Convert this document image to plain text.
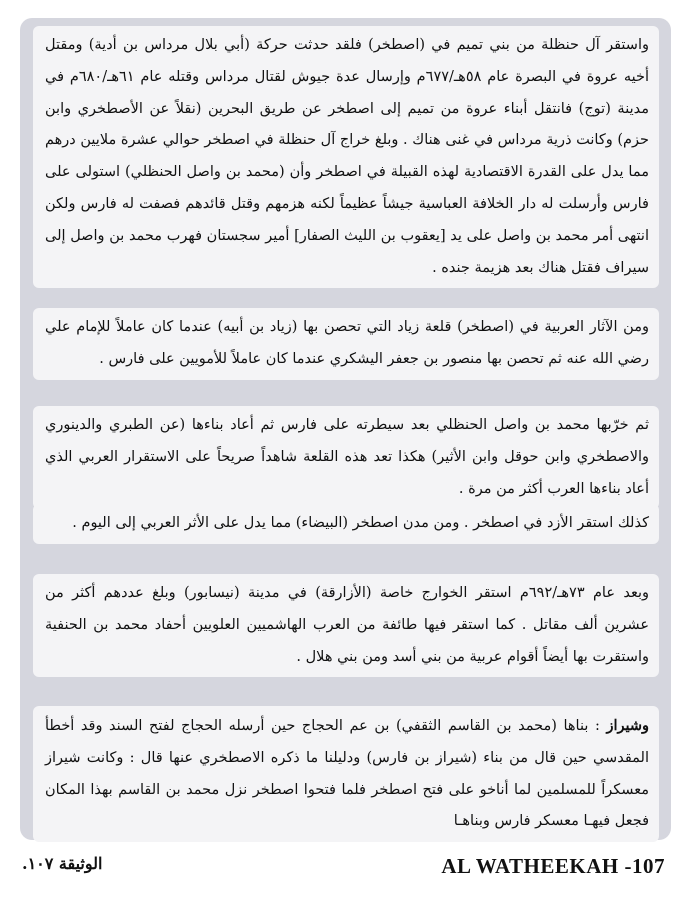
واستقر آل حنظلة من بني تميم في (اصطخر) فلقد حدثت حركة (أبي بلال مرداس بن أدية) ومقتل أخيه عروة في البصرة عام ٥٨هـ/٦٧٧م وإرسال عدة جيوش لقتال مرداس وقتله عام ٦١هـ/٦٨٠م في مدينة (توج) فانتقل أبناء عروة من تميم إلى اصطخر عن طريق البحرين (نقلاً عن الأصطخري وابن حزم) وكانت ذرية مرداس في غنى هناك . وبلغ خراج آل حنظلة في اصطخر حوالي عشرة ملايين درهم مما يدل على القدرة الاقتصادية لهذه القبيلة في اصطخر وأن (محمد بن واصل الحنظلي) استولى على فارس وأرسلت له دار الخلافة العباسية جيشاً عظيماً لكنه هزمهم وقتل قائدهم فصفت له فارس ولكن انتهى أمر محمد بن واصل على يد [يعقوب بن الليث الصفار] أمير سجستان فهرب محمد بن واصل إلى سيراف فقتل هناك بعد هزيمة جنده .
ومن الآثار العربية في (اصطخر) قلعة زياد التي تحصن بها (زياد بن أبيه) عندما كان عاملاً للإمام علي رضي الله عنه ثم تحصن بها منصور بن جعفر اليشكري عندما كان عاملاً للأمويين على فارس .
ثم خرّبها محمد بن واصل الحنظلي بعد سيطرته على فارس ثم أعاد بناءها (عن الطبري والدينوري والاصطخري وابن حوقل وابن الأثير) هكذا تعد هذه القلعة شاهداً صريحاً على الاستقرار العربي الذي أعاد بناءها العرب أكثر من مرة .
كذلك استقر الأزد في اصطخر . ومن مدن اصطخر (البيضاء) مما يدل على الأثر العربي إلى اليوم .
وبعد عام ٧٣هـ/٦٩٢م استقر الخوارج خاصة (الأزارقة) في مدينة (نيسابور) وبلغ عددهم أكثر من عشرين ألف مقاتل . كما استقر فيها طائفة من العرب الهاشميين العلويين أحفاد محمد بن الحنفية واستقرت بها أيضاً أقوام عربية من بني أسد ومن بني هلال .
وشيراز : بناها (محمد بن القاسم الثقفي) بن عم الحجاج حين أرسله الحجاج لفتح السند وقد أخطأ المقدسي حين قال من بناء (شيراز بن فارس) ودليلنا ما ذكره الاصطخري عنها قال : وكانت شيراز معسكراً للمسلمين لما أناخو على فتح اصطخر فلما فتحوا اصطخر نزل محمد بن القاسم بهذا المكان فجعل فيهـا معسكر فارس وبناهـا
الوثيقة ١٠٧.	AL WATHEEKAH -107
